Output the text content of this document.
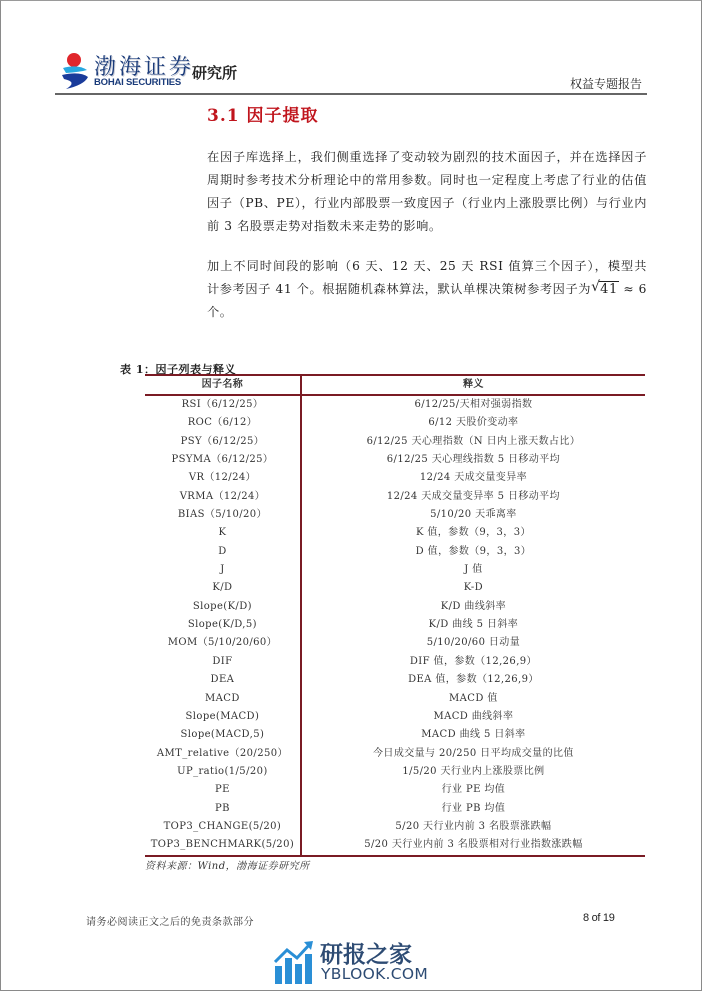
渤海证券
BOHAI SECURITIES
研究所
权益专题报告
3.1 因子提取
在因子库选择上，我们侧重选择了变动较为剧烈的技术面因子，并在选择因子周期时参考技术分析理论中的常用参数。同时也一定程度上考虑了行业的估值因子（PB、PE），行业内部股票一致度因子（行业内上涨股票比例）与行业内前 3 名股票走势对指数未来走势的影响。
加上不同时间段的影响（6 天、12 天、25 天 RSI 值算三个因子），模型共计参考因子 41 个。根据随机森林算法，默认单棵决策树参考因子为 √ 41 ≈ 6个。
表 1：因子列表与释义
因子名称	释义
RSI（6/12/25）	6/12/25/天相对强弱指数
ROC（6/12）	6/12 天股价变动率
PSY（6/12/25）	6/12/25 天心理指数（N 日内上涨天数占比）
PSYMA（6/12/25）	6/12/25 天心理线指数 5 日移动平均
VR（12/24）	12/24 天成交量变异率
VRMA（12/24）	12/24 天成交量变异率 5 日移动平均
BIAS（5/10/20）	5/10/20 天乖离率
K	K 值，参数（9，3，3）
D	D 值，参数（9，3，3）
J	J 值
K/D	K-D
Slope(K/D)	K/D 曲线斜率
Slope(K/D,5)	K/D 曲线 5 日斜率
MOM（5/10/20/60）	5/10/20/60 日动量
DIF	DIF 值，参数（12,26,9）
DEA	DEA 值，参数（12,26,9）
MACD	MACD 值
Slope(MACD)	MACD 曲线斜率
Slope(MACD,5)	MACD 曲线 5 日斜率
AMT_relative（20/250）	今日成交量与 20/250 日平均成交量的比值
UP_ratio(1/5/20)	1/5/20 天行业内上涨股票比例
PE	行业 PE 均值
PB	行业 PB 均值
TOP3_CHANGE(5/20)	5/20 天行业内前 3 名股票涨跌幅
TOP3_BENCHMARK(5/20)	5/20 天行业内前 3 名股票相对行业指数涨跌幅
资料来源：Wind，渤海证券研究所
请务必阅读正文之后的免责条款部分	8 of 19
研报之家
YBLOOK.COM
